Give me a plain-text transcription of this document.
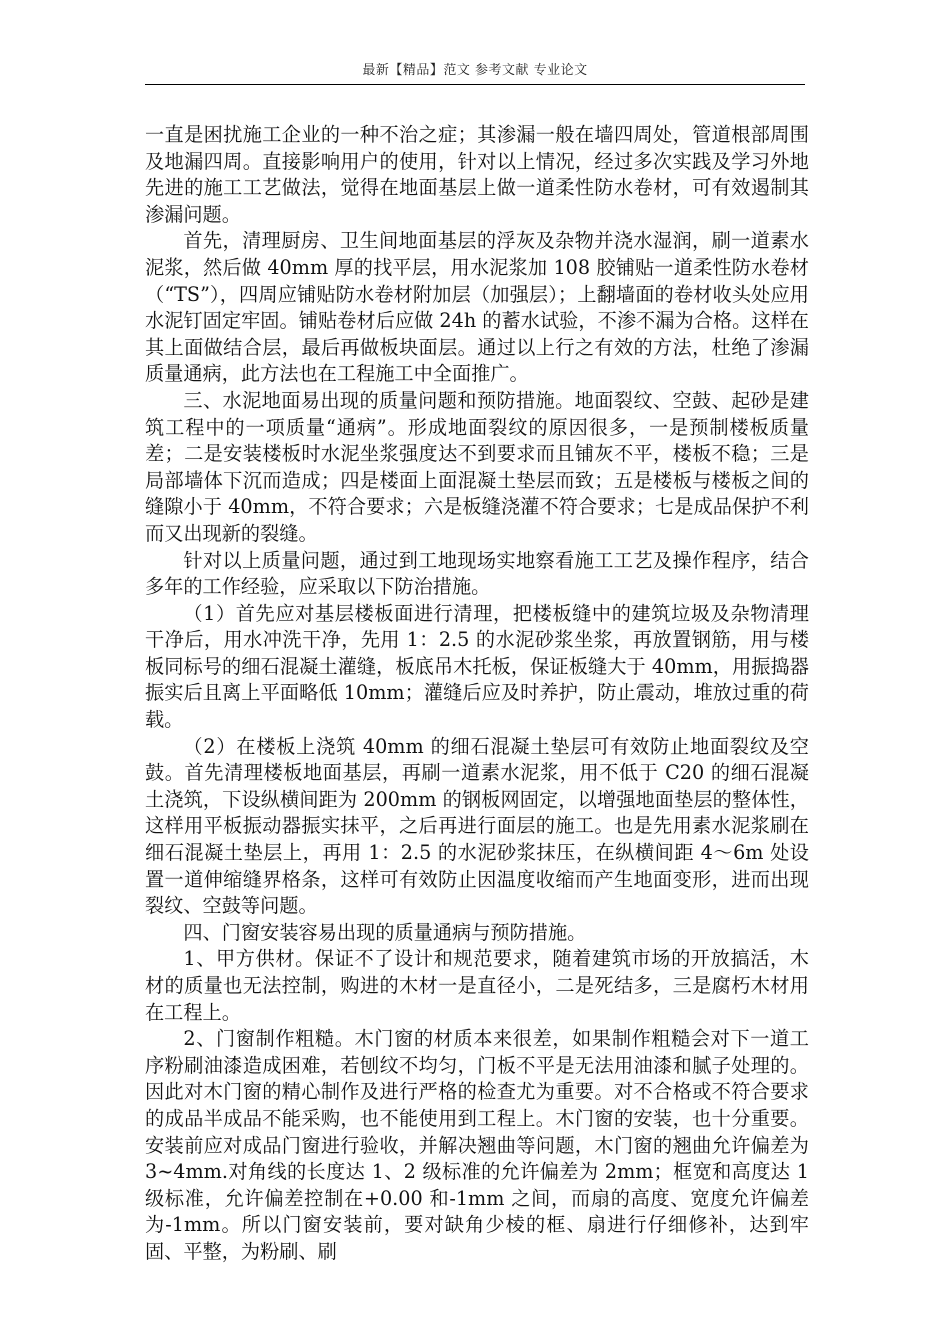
最新【精品】范文 参考文献 专业论文

一直是困扰施工企业的一种不治之症；其渗漏一般在墙四周处，管道根部周围及地漏四周。直接影响用户的使用，针对以上情况，经过多次实践及学习外地先进的施工工艺做法，觉得在地面基层上做一道柔性防水卷材，可有效遏制其渗漏问题。

首先，清理厨房、卫生间地面基层的浮灰及杂物并浇水湿润，刷一道素水泥浆，然后做 40mm 厚的找平层，用水泥浆加 108 胶铺贴一道柔性防水卷材（“TS”），四周应铺贴防水卷材附加层（加强层）；上翻墙面的卷材收头处应用水泥钉固定牢固。铺贴卷材后应做 24h 的蓄水试验，不渗不漏为合格。这样在其上面做结合层，最后再做板块面层。通过以上行之有效的方法，杜绝了渗漏质量通病，此方法也在工程施工中全面推广。

三、水泥地面易出现的质量问题和预防措施。地面裂纹、空鼓、起砂是建筑工程中的一项质量“通病”。形成地面裂纹的原因很多，一是预制楼板质量差；二是安装楼板时水泥坐浆强度达不到要求而且铺灰不平，楼板不稳；三是局部墙体下沉而造成；四是楼面上面混凝土垫层而致；五是楼板与楼板之间的缝隙小于 40mm，不符合要求；六是板缝浇灌不符合要求；七是成品保护不利而又出现新的裂缝。

针对以上质量问题，通过到工地现场实地察看施工工艺及操作程序，结合多年的工作经验，应采取以下防治措施。

（1）首先应对基层楼板面进行清理，把楼板缝中的建筑垃圾及杂物清理干净后，用水冲洗干净，先用 1：2.5 的水泥砂浆坐浆，再放置钢筋，用与楼板同标号的细石混凝土灌缝，板底吊木托板，保证板缝大于 40mm，用振捣器振实后且离上平面略低 10mm；灌缝后应及时养护，防止震动，堆放过重的荷载。

（2）在楼板上浇筑 40mm 的细石混凝土垫层可有效防止地面裂纹及空鼓。首先清理楼板地面基层，再刷一道素水泥浆，用不低于 C20 的细石混凝土浇筑，下设纵横间距为 200mm 的钢板网固定，以增强地面垫层的整体性，这样用平板振动器振实抹平，之后再进行面层的施工。也是先用素水泥浆刷在细石混凝土垫层上，再用 1：2.5 的水泥砂浆抹压，在纵横间距 4～6m 处设置一道伸缩缝界格条，这样可有效防止因温度收缩而产生地面变形，进而出现裂纹、空鼓等问题。

四、门窗安装容易出现的质量通病与预防措施。

1、甲方供材。保证不了设计和规范要求，随着建筑市场的开放搞活，木材的质量也无法控制，购进的木材一是直径小，二是死结多，三是腐朽木材用在工程上。

2、门窗制作粗糙。木门窗的材质本来很差，如果制作粗糙会对下一道工序粉刷油漆造成困难，若刨纹不均匀，门板不平是无法用油漆和腻子处理的。因此对木门窗的精心制作及进行严格的检查尤为重要。对不合格或不符合要求的成品半成品不能采购，也不能使用到工程上。木门窗的安装，也十分重要。安装前应对成品门窗进行验收，并解决翘曲等问题，木门窗的翘曲允许偏差为 3~4mm.对角线的长度达 1、2 级标准的允许偏差为 2mm；框宽和高度达 1 级标准，允许偏差控制在+0.00 和-1mm 之间，而扇的高度、宽度允许偏差为-1mm。所以门窗安装前，要对缺角少棱的框、扇进行仔细修补，达到牢固、平整，为粉刷、刷
